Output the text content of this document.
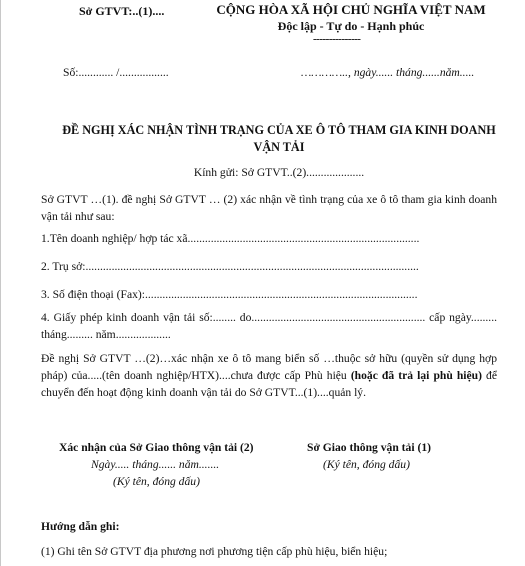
Sở GTVT:..(1)....	CỘNG HÒA XÃ HỘI CHỦ NGHĨA VIỆT NAM
Độc lập - Tự do - Hạnh phúc
---------------
Số:............ /.................	………….., ngày...... tháng......năm.....
ĐỀ NGHỊ XÁC NHẬN TÌNH TRẠNG CỦA XE Ô TÔ THAM GIA KINH DOANH
VẬN TẢI
Kính gửi: Sở GTVT..(2)....................
Sở GTVT …(1). đề nghị Sở GTVT … (2) xác nhận về tình trạng của xe ô tô tham gia kinh doanh vận tải như sau:
1.Tên doanh nghiệp/ hợp tác xã................................................................................
2. Trụ sở:...................................................................................................................
3. Số điện thoại (Fax):..............................................................................................
4. Giấy phép kinh doanh vận tải số:........ do............................................................ cấp ngày......... tháng......... năm...................
Đề nghị Sở GTVT …(2)…xác nhận xe ô tô mang biển số …thuộc sở hữu (quyền sử dụng hợp pháp) của.....(tên doanh nghiệp/HTX)....chưa được cấp Phù hiệu (hoặc đã trả lại phù hiệu) để chuyển đến hoạt động kinh doanh vận tải do Sở GTVT...(1)....quản lý.
Xác nhận của Sở Giao thông vận tải (2)
Ngày..... tháng...... năm.......
(Ký tên, đóng dấu)
Sở Giao thông vận tải (1)
(Ký tên, đóng dấu)
Hướng dẫn ghi:
(1) Ghi tên Sở GTVT địa phương nơi phương tiện cấp phù hiệu, biển hiệu;
